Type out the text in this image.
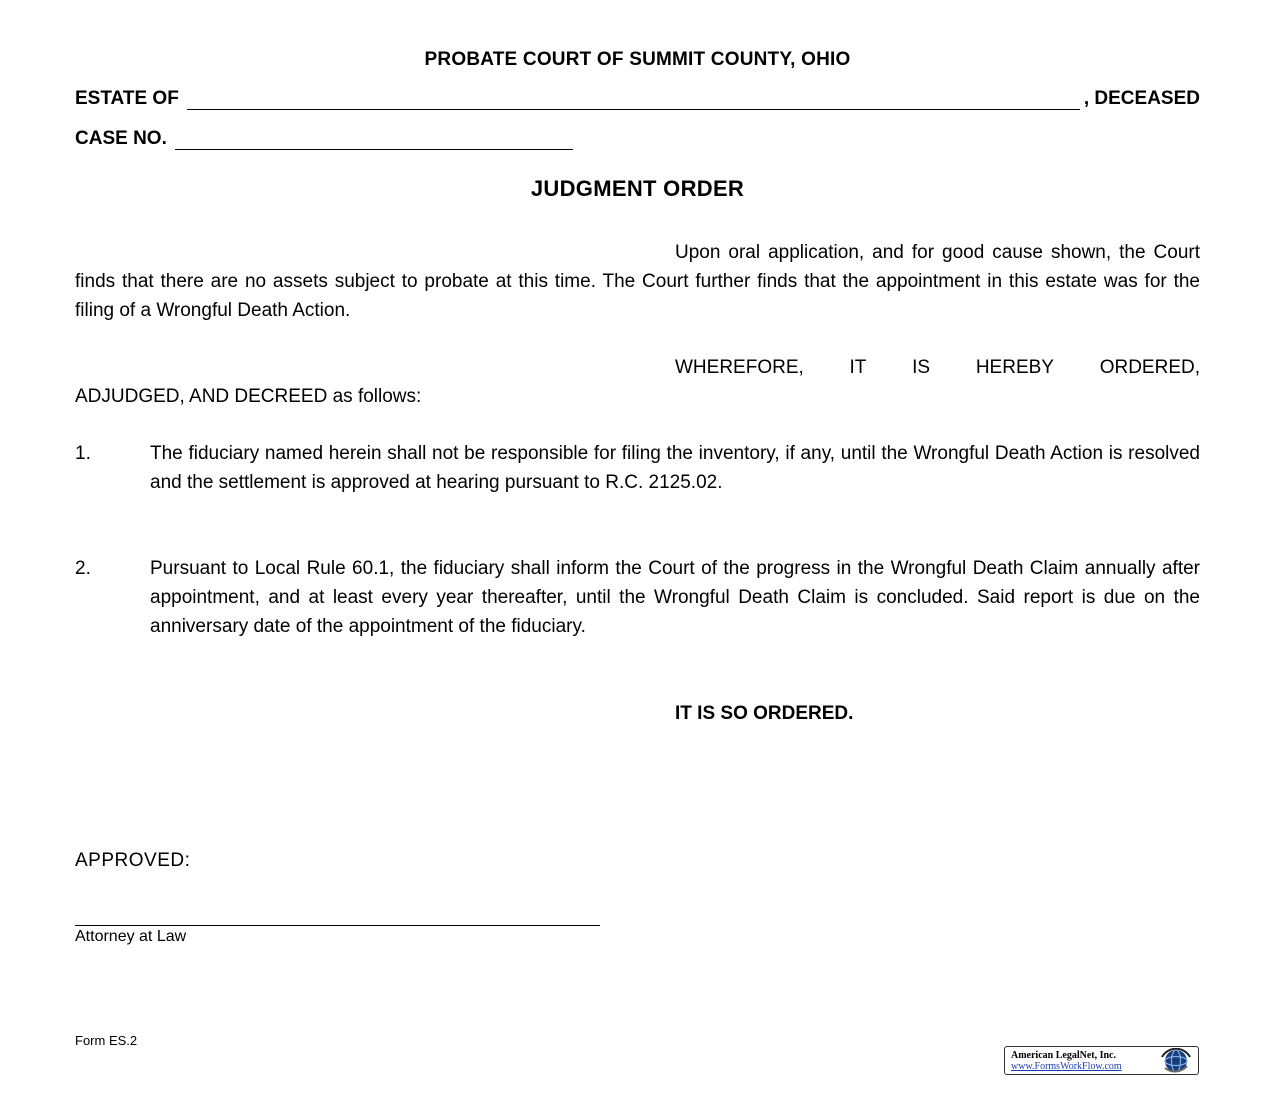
PROBATE COURT OF SUMMIT COUNTY, OHIO
ESTATE OF	, DECEASED
CASE NO.
JUDGMENT ORDER
Upon oral application, and for good cause shown, the Court finds that there are no assets subject to probate at this time. The Court further finds that the appointment in this estate was for the filing of a Wrongful Death Action.
WHEREFORE, IT IS HEREBY ORDERED,
ADJUDGED, AND DECREED as follows:
1.	The fiduciary named herein shall not be responsible for filing the inventory, if any, until the Wrongful Death Action is resolved and the settlement is approved at hearing pursuant to R.C. 2125.02.
2.	Pursuant to Local Rule 60.1, the fiduciary shall inform the Court of the progress in the Wrongful Death Claim annually after appointment, and at least every year thereafter, until the Wrongful Death Claim is concluded. Said report is due on the anniversary date of the appointment of the fiduciary.
IT IS SO ORDERED.
APPROVED:
Attorney at Law
Form ES.2
American LegalNet, Inc.
www.FormsWorkFlow.com
